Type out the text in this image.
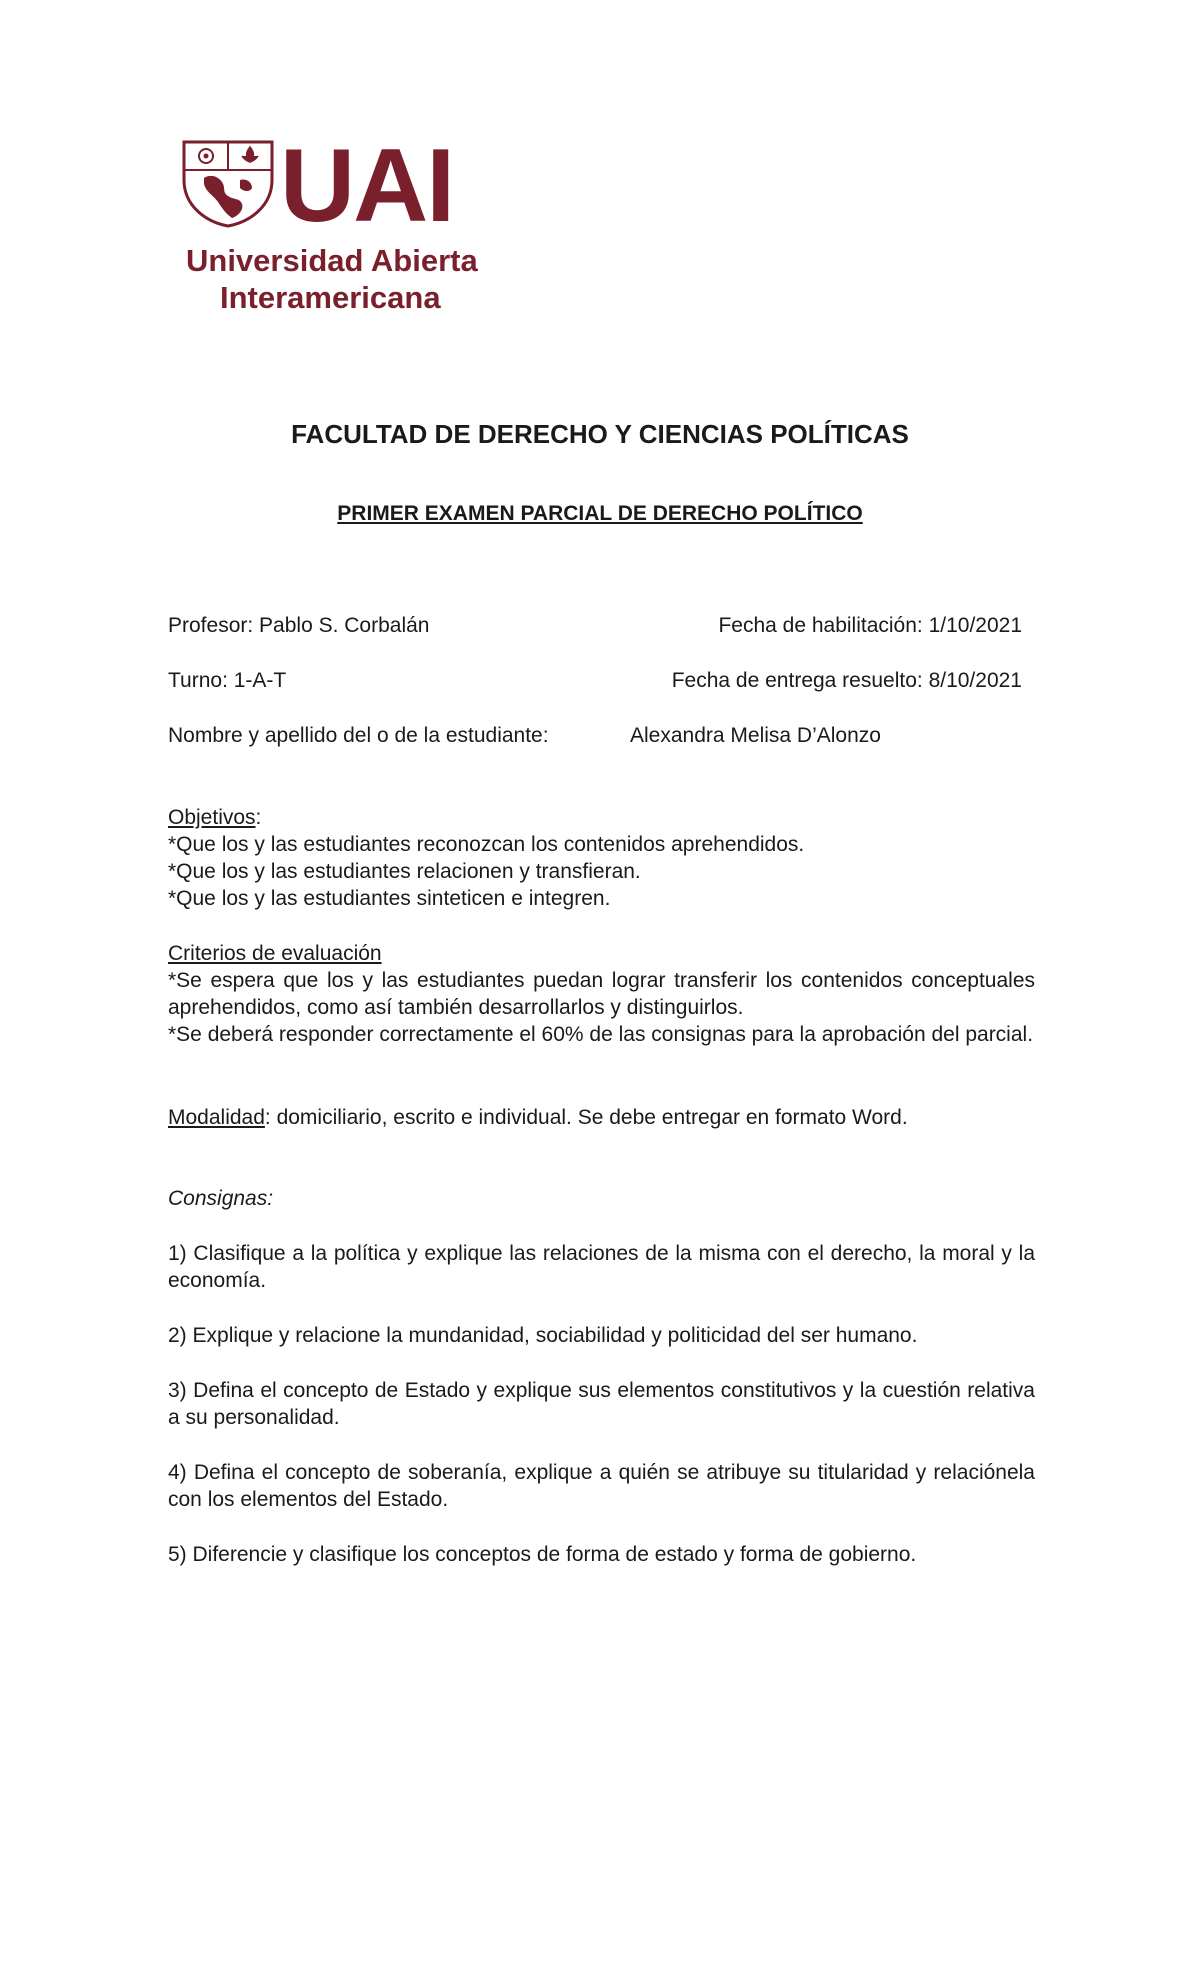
UAI
Universidad Abierta
Interamericana
FACULTAD DE DERECHO Y CIENCIAS POLÍTICAS
PRIMER EXAMEN PARCIAL DE DERECHO POLÍTICO
Profesor: Pablo S. Corbalán	Fecha de habilitación: 1/10/2021
Turno: 1-A-T	Fecha de entrega resuelto: 8/10/2021
Nombre y apellido del o de la estudiante:	Alexandra Melisa D’Alonzo
Objetivos:
*Que los y las estudiantes reconozcan los contenidos aprehendidos.
*Que los y las estudiantes relacionen y transfieran.
*Que los y las estudiantes sinteticen e integren.
Criterios de evaluación
*Se espera que los y las estudiantes puedan lograr transferir los contenidos conceptuales aprehendidos, como así también desarrollarlos y distinguirlos.
*Se deberá responder correctamente el 60% de las consignas para la aprobación del parcial.
Modalidad: domiciliario, escrito e individual. Se debe entregar en formato Word.
Consignas:
1) Clasifique a la política y explique las relaciones de la misma con el derecho, la moral y la economía.
2) Explique y relacione la mundanidad, sociabilidad y politicidad del ser humano.
3) Defina el concepto de Estado y explique sus elementos constitutivos y la cuestión relativa a su personalidad.
4) Defina el concepto de soberanía, explique a quién se atribuye su titularidad y relaciónela con los elementos del Estado.
5) Diferencie y clasifique los conceptos de forma de estado y forma de gobierno.
